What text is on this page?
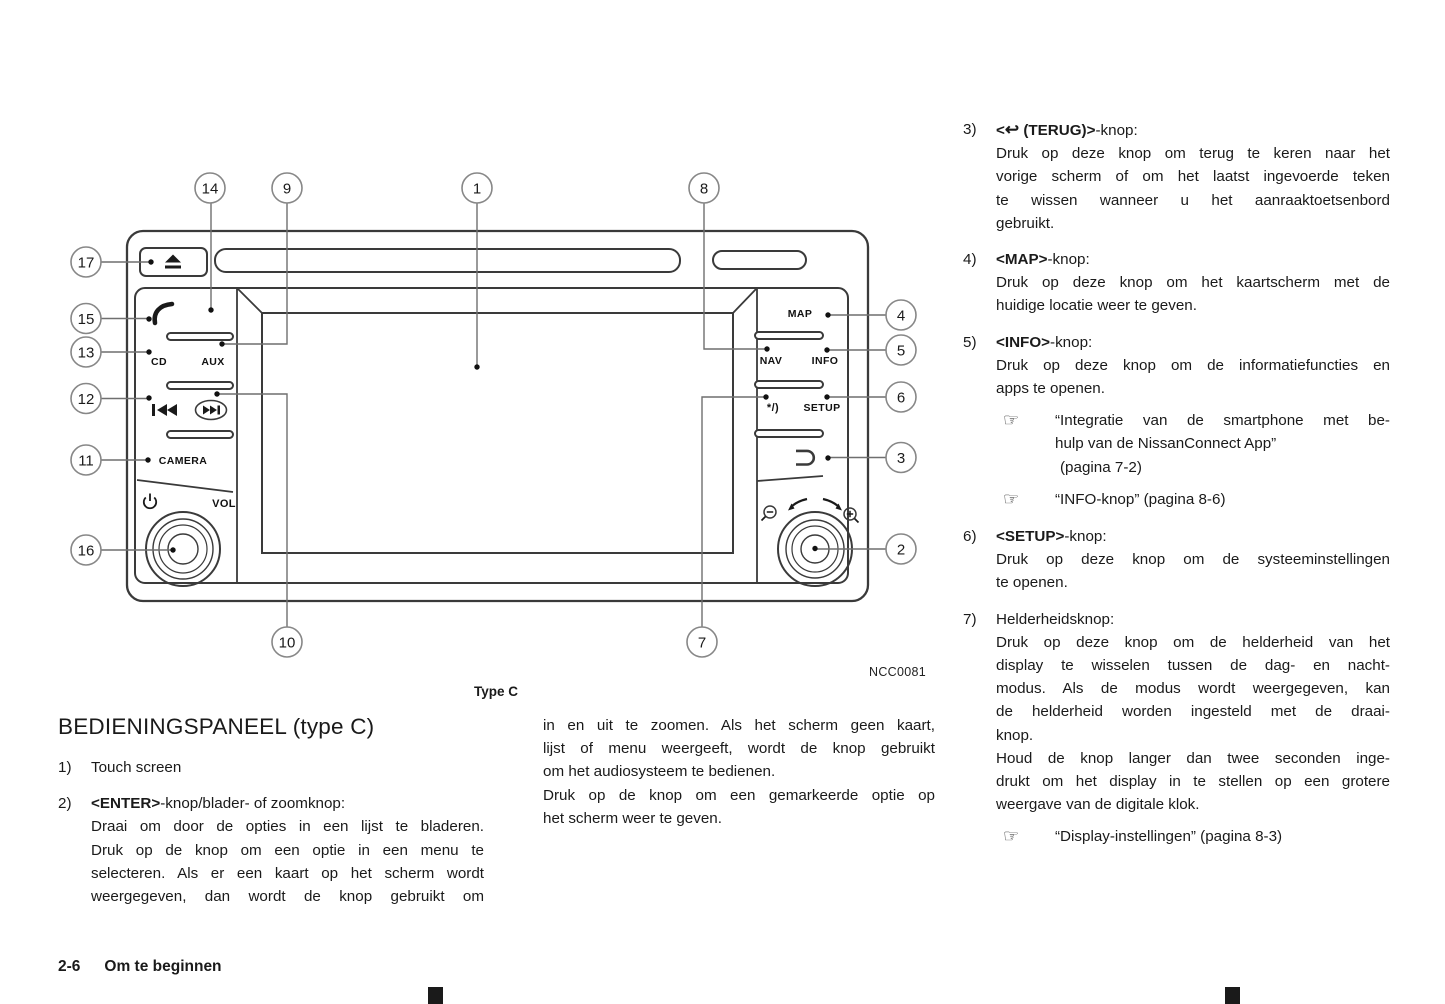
CD	AUX
CAMERA
VOL
MAP
NAV	INFO
*/) SETUP
17
15
13
12
11
16
14	9	1	8
4
5
6
3
2
7
10
Type C
NCC0081
BEDIENINGSPANEEL (type C)
1)	Touch screen
2)	<ENTER>-knop/blader- of zoomknop:
Draai om door de opties in een lijst te bladeren.
Druk op de knop om een optie in een menu te
selecteren. Als er een kaart op het scherm wordt
weergegeven, dan wordt de knop gebruikt om
in en uit te zoomen. Als het scherm geen kaart,
lijst of menu weergeeft, wordt de knop gebruikt
om het audiosysteem te bedienen.
Druk op de knop om een gemarkeerde optie op
het scherm weer te geven.
3)	<↩ (TERUG)>-knop:
Druk op deze knop om terug te keren naar het
vorige scherm of om het laatst ingevoerde teken
te wissen wanneer u het aanraaktoetsenbord
gebruikt.
4)	<MAP>-knop:
Druk op deze knop om het kaartscherm met de
huidige locatie weer te geven.
5)	<INFO>-knop:
Druk op deze knop om de informatiefuncties en
apps te openen.
☞	“Integratie van de smartphone met be-
hulp van de NissanConnect App”
(pagina 7-2)
☞	“INFO-knop” (pagina 8-6)
6)	<SETUP>-knop:
Druk op deze knop om de systeeminstellingen
te openen.
7)	Helderheidsknop:
Druk op deze knop om de helderheid van het
display te wisselen tussen de dag- en nacht-
modus. Als de modus wordt weergegeven, kan
de helderheid worden ingesteld met de draai-
knop.
Houd de knop langer dan twee seconden inge-
drukt om het display in te stellen op een grotere
weergave van de digitale klok.
☞	“Display-instellingen” (pagina 8-3)
2-6 Om te beginnen
